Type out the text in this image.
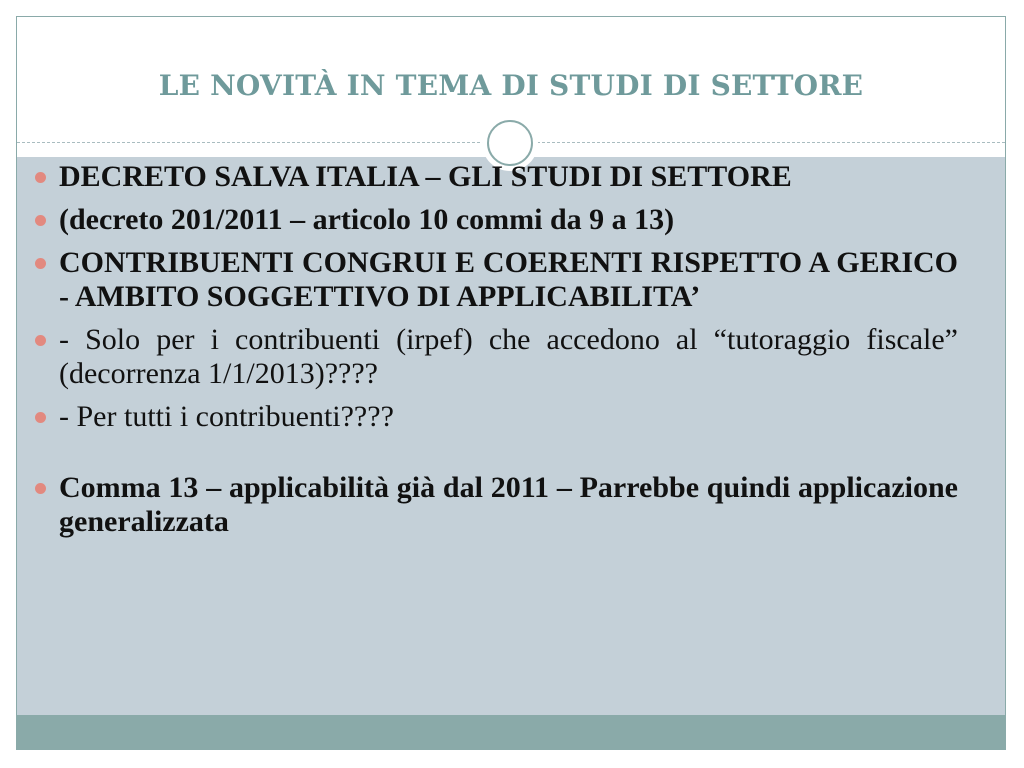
LE NOVITÀ IN TEMA DI STUDI DI SETTORE
DECRETO SALVA ITALIA – GLI STUDI DI SETTORE
(decreto 201/2011 – articolo 10 commi da 9 a 13)
CONTRIBUENTI CONGRUI E COERENTI RISPETTO A GERICO - AMBITO SOGGETTIVO DI APPLICABILITA’
- Solo per i contribuenti (irpef) che accedono al “tutoraggio fiscale” (decorrenza 1/1/2013)????
- Per tutti i contribuenti????
Comma 13 – applicabilità già dal 2011 – Parrebbe quindi applicazione generalizzata
